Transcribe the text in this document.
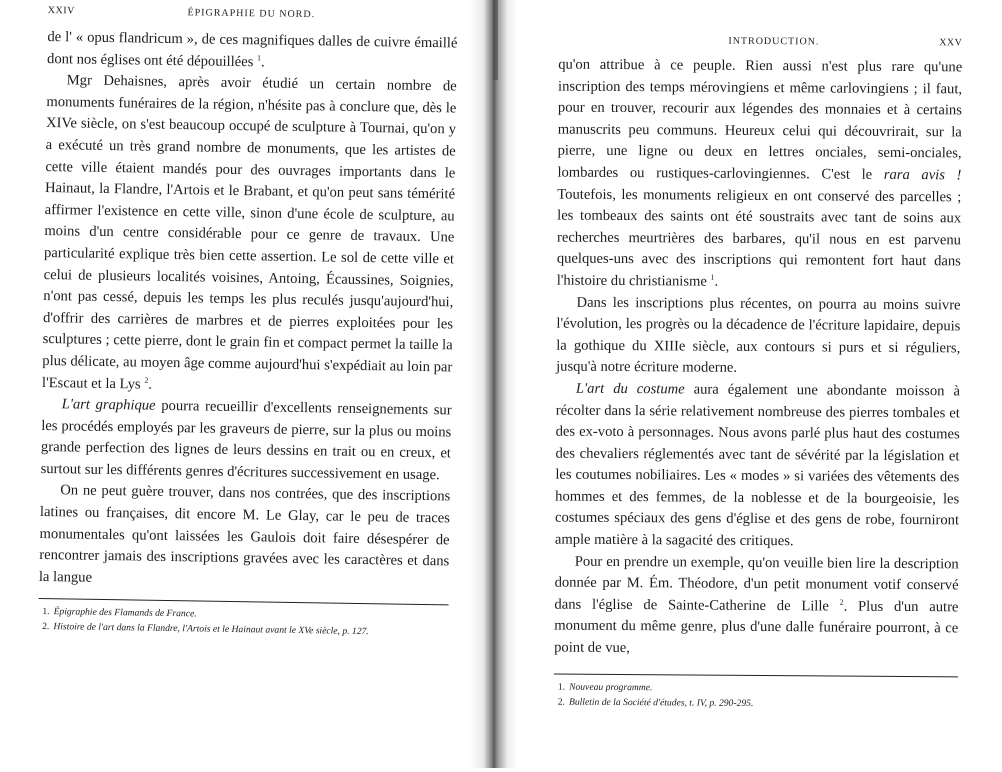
XXIV	ÉPIGRAPHIE DU NORD.

de l' « opus flandricum », de ces magnifiques dalles de cuivre émaillé dont nos églises ont été dépouillées $^1$.

Mgr Dehaisnes, après avoir étudié un certain nombre de monuments funéraires de la région, n'hésite pas à conclure que, dès le XIVe siècle, on s'est beaucoup occupé de sculpture à Tournai, qu'on y a exécuté un très grand nombre de monuments, que les artistes de cette ville étaient mandés pour des ouvrages importants dans le Hainaut, la Flandre, l'Artois et le Brabant, et qu'on peut sans témérité affirmer l'existence en cette ville, sinon d'une école de sculpture, au moins d'un centre considérable pour ce genre de travaux. Une particularité explique très bien cette assertion. Le sol de cette ville et celui de plusieurs localités voisines, Antoing, Écaussines, Soignies, n'ont pas cessé, depuis les temps les plus reculés jusqu'aujourd'hui, d'offrir des carrières de marbres et de pierres exploitées pour les sculptures ; cette pierre, dont le grain fin et compact permet la taille la plus délicate, au moyen âge comme aujourd'hui s'expédiait au loin par l'Escaut et la Lys $^2$.

L'art graphique pourra recueillir d'excellents renseignements sur les procédés employés par les graveurs de pierre, sur la plus ou moins grande perfection des lignes de leurs dessins en trait ou en creux, et surtout sur les différents genres d'écritures successivement en usage.

On ne peut guère trouver, dans nos contrées, que des inscriptions latines ou françaises, dit encore M. Le Glay, car le peu de traces monumentales qu'ont laissées les Gaulois doit faire désespérer de rencontrer jamais des inscriptions gravées avec les caractères et dans la langue

1. Épigraphie des Flamands de France.
2. Histoire de l'art dans la Flandre, l'Artois et le Hainaut avant le XVe siècle, p. 127.
INTRODUCTION.	XXV

qu'on attribue à ce peuple. Rien aussi n'est plus rare qu'une inscription des temps mérovingiens et même carlovingiens ; il faut, pour en trouver, recourir aux légendes des monnaies et à certains manuscrits peu communs. Heureux celui qui découvrirait, sur la pierre, une ligne ou deux en lettres onciales, semi-onciales, lombardes ou rustiques-carlovingiennes. C'est le rara avis ! Toutefois, les monuments religieux en ont conservé des parcelles ; les tombeaux des saints ont été soustraits avec tant de soins aux recherches meurtrières des barbares, qu'il nous en est parvenu quelques-uns avec des inscriptions qui remontent fort haut dans l'histoire du christianisme $^1$.

Dans les inscriptions plus récentes, on pourra au moins suivre l'évolution, les progrès ou la décadence de l'écriture lapidaire, depuis la gothique du XIIIe siècle, aux contours si purs et si réguliers, jusqu'à notre écriture moderne.

L'art du costume aura également une abondante moisson à récolter dans la série relativement nombreuse des pierres tombales et des ex-voto à personnages. Nous avons parlé plus haut des costumes des chevaliers réglementés avec tant de sévérité par la législation et les coutumes nobiliaires. Les « modes » si variées des vêtements des hommes et des femmes, de la noblesse et de la bourgeoisie, les costumes spéciaux des gens d'église et des gens de robe, fourniront ample matière à la sagacité des critiques.

Pour en prendre un exemple, qu'on veuille bien lire la description donnée par M. Ém. Théodore, d'un petit monument votif conservé dans l'église de Sainte-Catherine de Lille $^2$. Plus d'un autre monument du même genre, plus d'une dalle funéraire pourront, à ce point de vue,

1. Nouveau programme.
2. Bulletin de la Société d'études, t. IV, p. 290-295.
